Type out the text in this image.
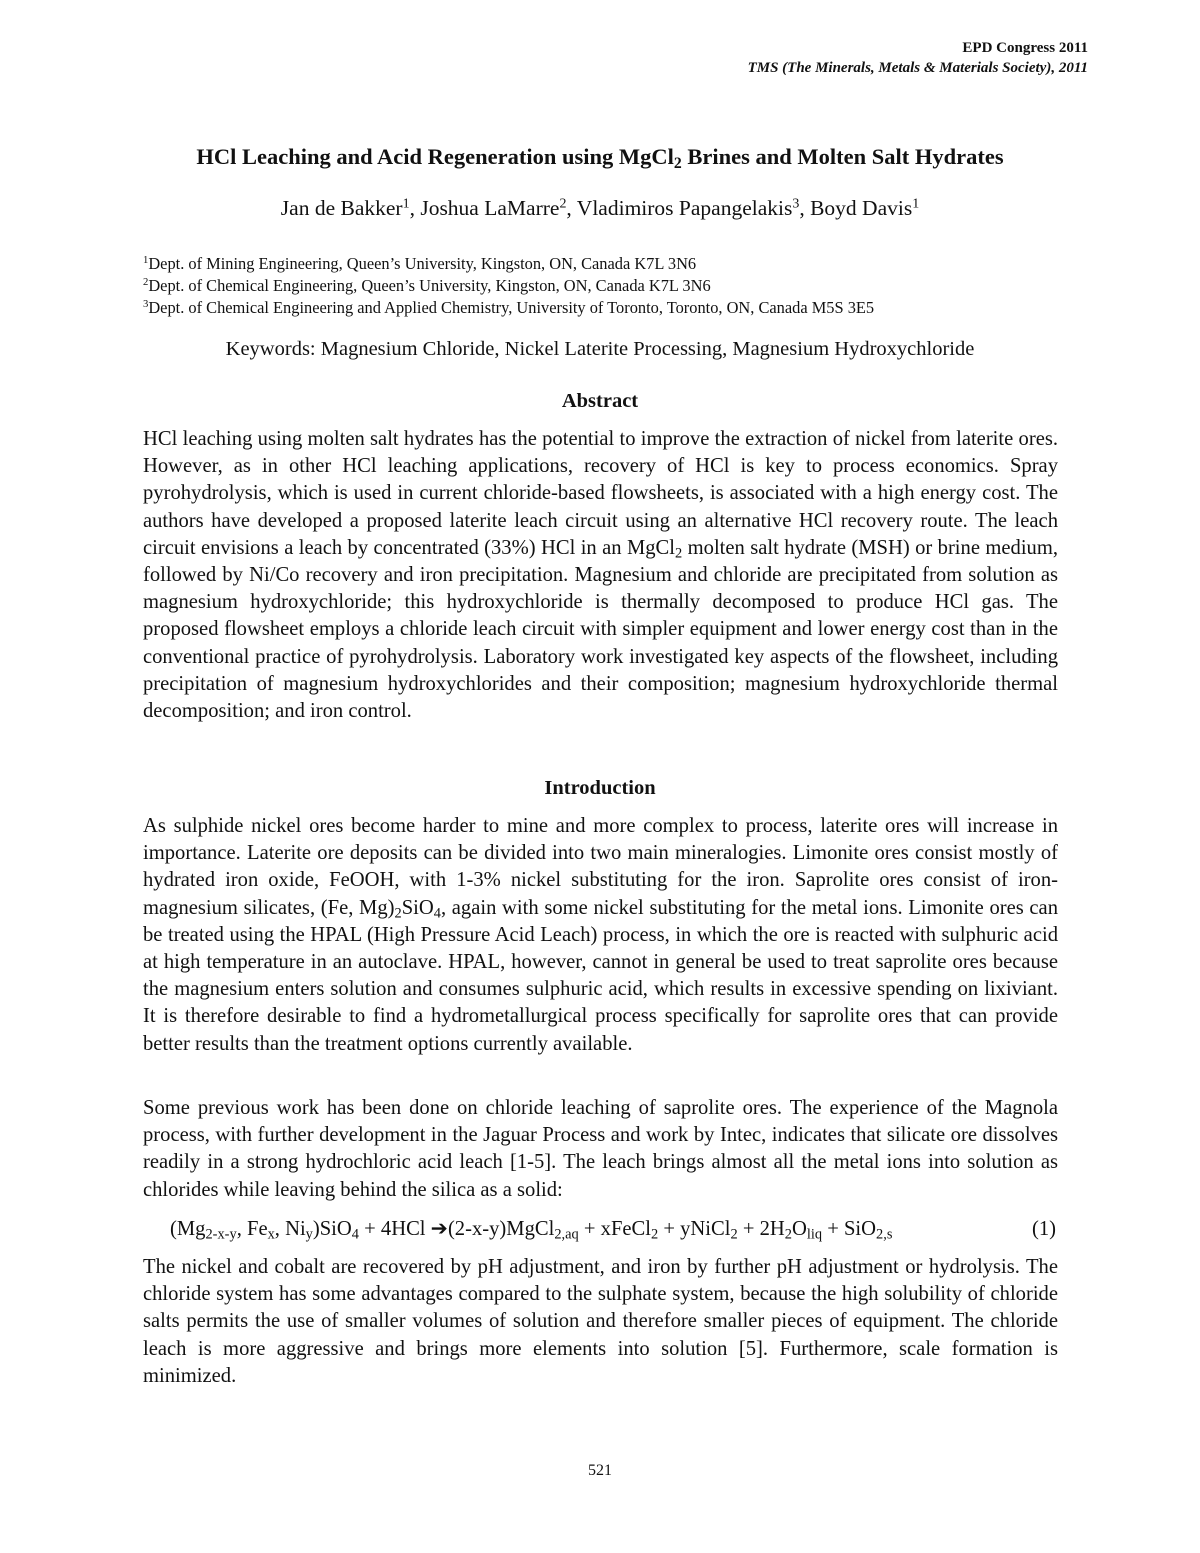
EPD Congress 2011
TMS (The Minerals, Metals & Materials Society), 2011
HCl Leaching and Acid Regeneration using MgCl$_2$ Brines and Molten Salt Hydrates
Jan de Bakker$^1$, Joshua LaMarre$^2$, Vladimiros Papangelakis$^3$, Boyd Davis$^1$
$^1$Dept. of Mining Engineering, Queen’s University, Kingston, ON, Canada K7L 3N6
$^2$Dept. of Chemical Engineering, Queen’s University, Kingston, ON, Canada K7L 3N6
$^3$Dept. of Chemical Engineering and Applied Chemistry, University of Toronto, Toronto, ON, Canada M5S 3E5
Keywords: Magnesium Chloride, Nickel Laterite Processing, Magnesium Hydroxychloride
Abstract

HCl leaching using molten salt hydrates has the potential to improve the extraction of nickel from laterite ores. However, as in other HCl leaching applications, recovery of HCl is key to process economics. Spray pyrohydrolysis, which is used in current chloride-based flowsheets, is associated with a high energy cost. The authors have developed a proposed laterite leach circuit using an alternative HCl recovery route. The leach circuit envisions a leach by concentrated (33%) HCl in an MgCl$_2$ molten salt hydrate (MSH) or brine medium, followed by Ni/Co recovery and iron precipitation. Magnesium and chloride are precipitated from solution as magnesium hydroxychloride; this hydroxychloride is thermally decomposed to produce HCl gas. The proposed flowsheet employs a chloride leach circuit with simpler equipment and lower energy cost than in the conventional practice of pyrohydrolysis. Laboratory work investigated key aspects of the flowsheet, including precipitation of magnesium hydroxychlorides and their composition; magnesium hydroxychloride thermal decomposition; and iron control.

Introduction

As sulphide nickel ores become harder to mine and more complex to process, laterite ores will increase in importance. Laterite ore deposits can be divided into two main mineralogies. Limonite ores consist mostly of hydrated iron oxide, FeOOH, with 1-3% nickel substituting for the iron. Saprolite ores consist of iron-magnesium silicates, (Fe, $Mg)_2SiO_4$, again with some nickel substituting for the metal ions. Limonite ores can be treated using the HPAL (High Pressure Acid Leach) process, in which the ore is reacted with sulphuric acid at high temperature in an autoclave. HPAL, however, cannot in general be used to treat saprolite ores because the magnesium enters solution and consumes sulphuric acid, which results in excessive spending on lixiviant. It is therefore desirable to find a hydrometallurgical process specifically for saprolite ores that can provide better results than the treatment options currently available.

Some previous work has been done on chloride leaching of saprolite ores. The experience of the Magnola process, with further development in the Jaguar Process and work by Intec, indicates that silicate ore dissolves readily in a strong hydrochloric acid leach [1-5]. The leach brings almost all the metal ions into solution as chlorides while leaving behind the silica as a solid:

($Mg_{2-x-y}$, $Fe_x$, $Ni_y)SiO_4 + 4HCl$ ➔(2-x-y)MgCl$_{2,aq}$ + xFeCl$_2$ + yNiCl$_2$ + $2H_2O_{liq} + SiO_{2,s}$	(1)

The nickel and cobalt are recovered by pH adjustment, and iron by further pH adjustment or hydrolysis. The chloride system has some advantages compared to the sulphate system, because the high solubility of chloride salts permits the use of smaller volumes of solution and therefore smaller pieces of equipment. The chloride leach is more aggressive and brings more elements into solution [5]. Furthermore, scale formation is minimized.

521
